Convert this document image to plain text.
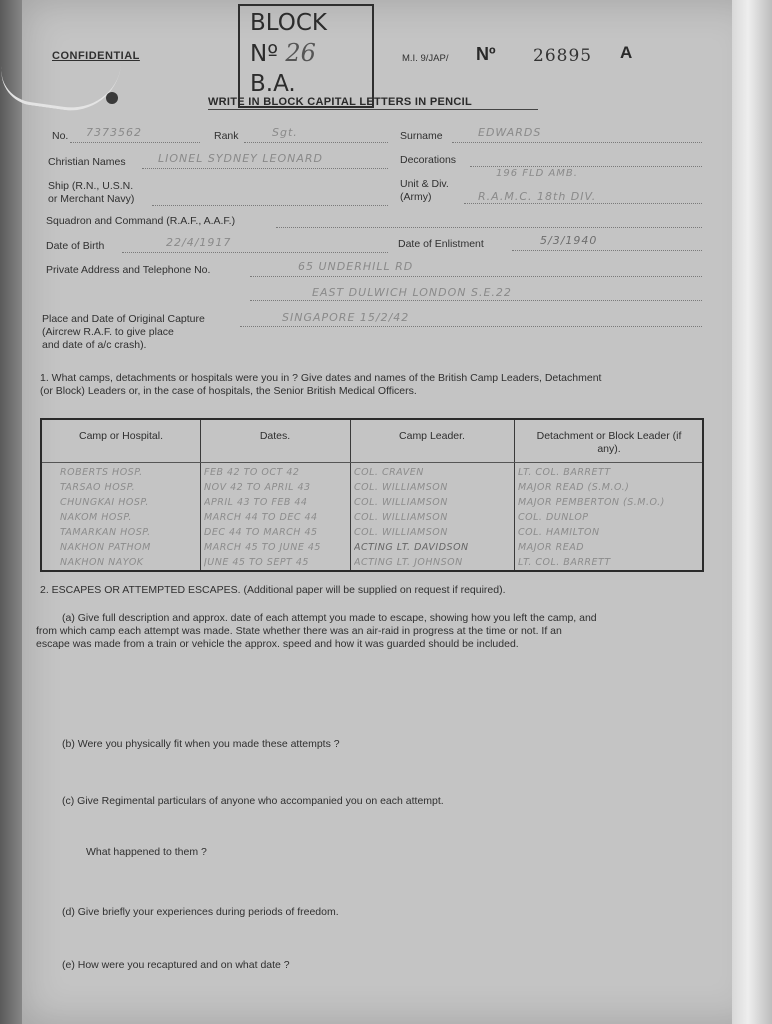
CONFIDENTIAL
BLOCK
Nº 26
B.A.
M.I. 9/JAP/ Nº 26895 A
WRITE IN BLOCK CAPITAL LETTERS IN PENCIL
No. 7373562	Rank	Sgt.	Surname	EDWARDS
Christian Names	LIONEL SYDNEY LEONARD	Decorations
Ship (R.N., U.S.N.
or Merchant Navy)
Unit & Div.
(Army)
196 FLD AMB.
R.A.M.C. 18th DIV.
Squadron and Command (R.A.F., A.A.F.)
Date of Birth	22/4/1917	Date of Enlistment	5/3/1940
Private Address and Telephone No.	65 UNDERHILL RD
EAST DULWICH LONDON S.E.22
Place and Date of Original Capture
(Aircrew R.A.F. to give place
and date of a/c crash).
SINGAPORE 15/2/42
1. What camps, detachments or hospitals were you in ? Give dates and names of the British Camp Leaders, Detachment
(or Block) Leaders or, in the case of hospitals, the Senior British Medical Officers.
Camp or Hospital.	Dates.	Camp Leader.	Detachment or Block Leader (if any).
ROBERTS HOSP.	FEB 42 TO OCT 42	COL. CRAVEN	LT. COL. BARRETT
TARSAO HOSP.	NOV 42 TO APRIL 43	COL. WILLIAMSON	MAJOR READ (S.M.O.)
CHUNGKAI HOSP.	APRIL 43 TO FEB 44	COL. WILLIAMSON	MAJOR PEMBERTON (S.M.O.)
NAKOM HOSP.	MARCH 44 TO DEC 44	COL. WILLIAMSON	COL. DUNLOP
TAMARKAN HOSP.	DEC 44 TO MARCH 45	COL. WILLIAMSON	COL. HAMILTON
NAKHON PATHOM	MARCH 45 TO JUNE 45	ACTING LT. DAVIDSON	MAJOR READ
NAKHON NAYOK	JUNE 45 TO SEPT 45	ACTING LT. JOHNSON	LT. COL. BARRETT
2. ESCAPES OR ATTEMPTED ESCAPES. (Additional paper will be supplied on request if required).
(a) Give full description and approx. date of each attempt you made to escape, showing how you left the camp, and
from which camp each attempt was made. State whether there was an air-raid in progress at the time or not. If an
escape was made from a train or vehicle the approx. speed and how it was guarded should be included.
(b) Were you physically fit when you made these attempts ?
(c) Give Regimental particulars of anyone who accompanied you on each attempt.
What happened to them ?
(d) Give briefly your experiences during periods of freedom.
(e) How were you recaptured and on what date ?
